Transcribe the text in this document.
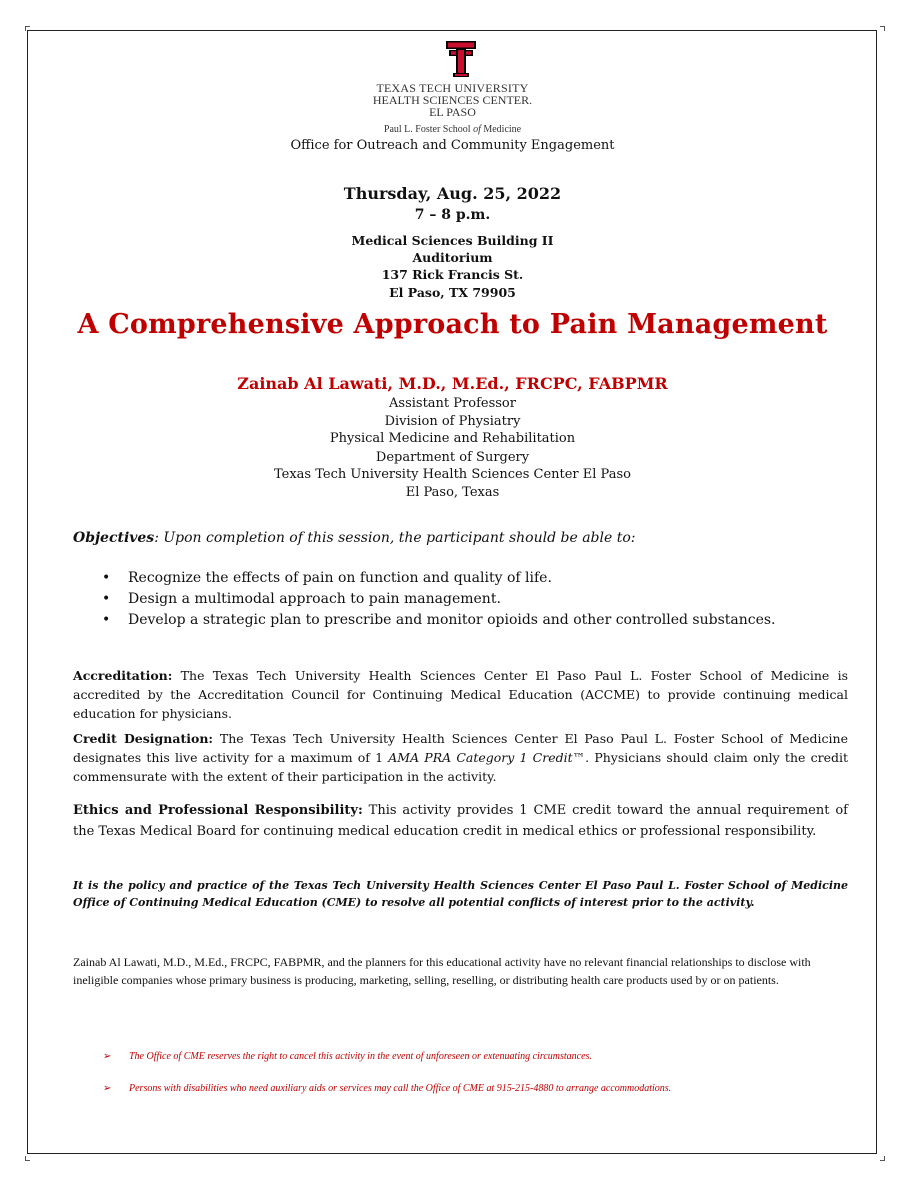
TEXAS TECH UNIVERSITY
HEALTH SCIENCES CENTER.
EL PASO
Paul L. Foster School of Medicine
Office for Outreach and Community Engagement
Thursday, Aug. 25, 2022
7 – 8 p.m.
Medical Sciences Building II
Auditorium
137 Rick Francis St.
El Paso, TX 79905
A Comprehensive Approach to Pain Management
Zainab Al Lawati, M.D., M.Ed., FRCPC, FABPMR
Assistant Professor
Division of Physiatry
Physical Medicine and Rehabilitation
Department of Surgery
Texas Tech University Health Sciences Center El Paso
El Paso, Texas
Objectives: Upon completion of this session, the participant should be able to:
• Recognize the effects of pain on function and quality of life.
• Design a multimodal approach to pain management.
• Develop a strategic plan to prescribe and monitor opioids and other controlled substances.
Accreditation: The Texas Tech University Health Sciences Center El Paso Paul L. Foster School of Medicine is accredited by the Accreditation Council for Continuing Medical Education (ACCME) to provide continuing medical education for physicians.
Credit Designation: The Texas Tech University Health Sciences Center El Paso Paul L. Foster School of Medicine designates this live activity for a maximum of 1 AMA PRA Category 1 Credit™. Physicians should claim only the credit commensurate with the extent of their participation in the activity.
Ethics and Professional Responsibility: This activity provides 1 CME credit toward the annual requirement of the Texas Medical Board for continuing medical education credit in medical ethics or professional responsibility.
It is the policy and practice of the Texas Tech University Health Sciences Center El Paso Paul L. Foster School of Medicine Office of Continuing Medical Education (CME) to resolve all potential conflicts of interest prior to the activity.
Zainab Al Lawati, M.D., M.Ed., FRCPC, FABPMR, and the planners for this educational activity have no relevant financial relationships to disclose with ineligible companies whose primary business is producing, marketing, selling, reselling, or distributing health care products used by or on patients.
➢ The Office of CME reserves the right to cancel this activity in the event of unforeseen or extenuating circumstances.
➢ Persons with disabilities who need auxiliary aids or services may call the Office of CME at 915-215-4880 to arrange accommodations.
